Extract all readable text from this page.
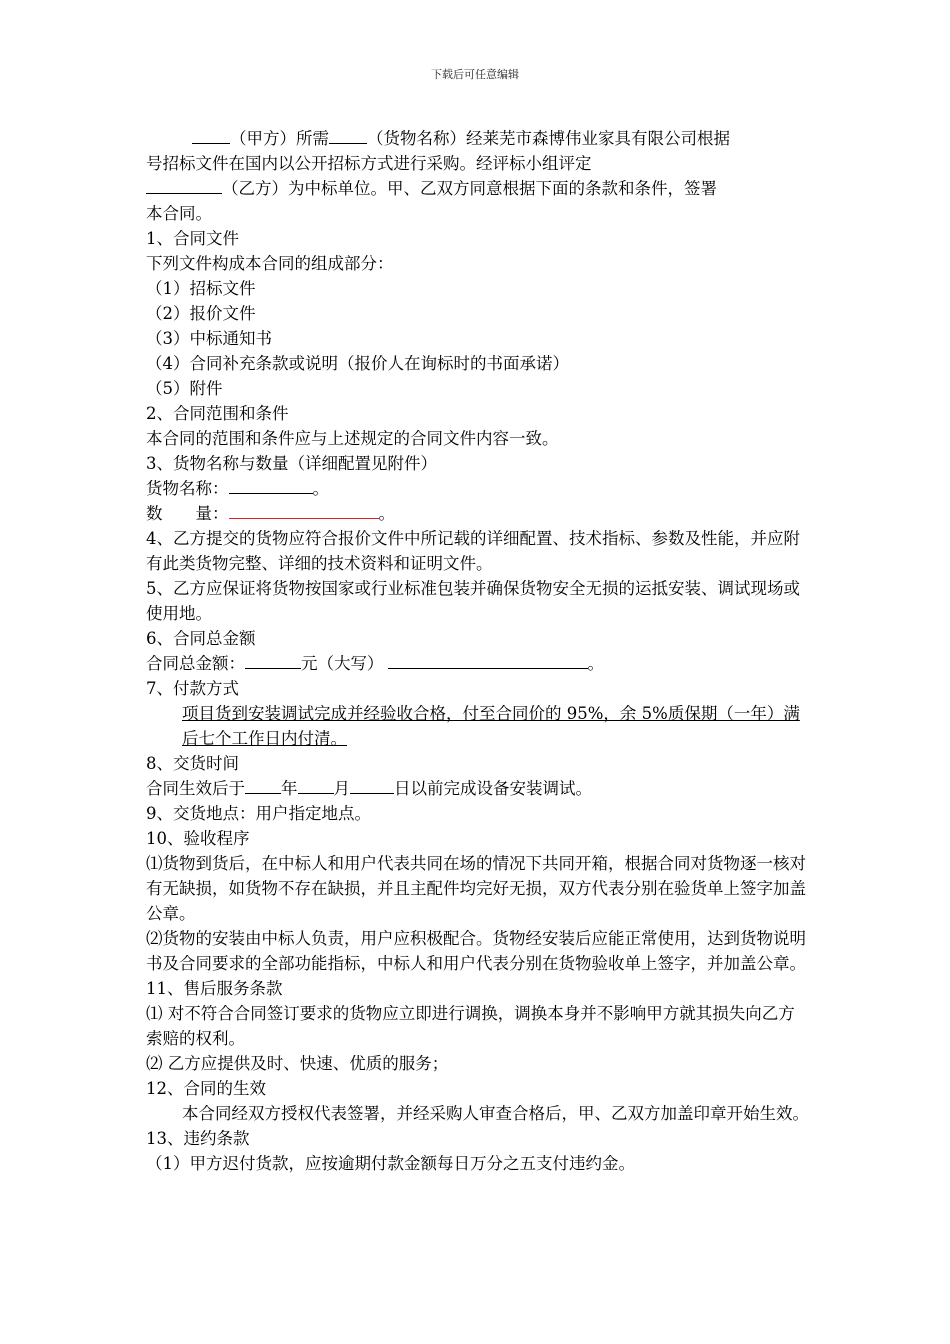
下载后可任意编辑
（甲方）所需 （货物名称）经莱芜市森博伟业家具有限公司根据
号招标文件在国内以公开招标方式进行采购。经评标小组评定
（乙方）为中标单位。甲、乙双方同意根据下面的条款和条件，签署
本合同。
1、合同文件
下列文件构成本合同的组成部分：
（1）招标文件
（2）报价文件
（3）中标通知书
（4）合同补充条款或说明（报价人在询标时的书面承诺）
（5）附件
2、合同范围和条件
本合同的范围和条件应与上述规定的合同文件内容一致。
3、货物名称与数量（详细配置见附件）
货物名称：	。
数　　量：	。
4、乙方提交的货物应符合报价文件中所记载的详细配置、技术指标、参数及性能，并应附有此类货物完整、详细的技术资料和证明文件。
5、乙方应保证将货物按国家或行业标准包装并确保货物安全无损的运抵安装、调试现场或使用地。
6、合同总金额
合同总金额：	元（大写）	。
7、付款方式
项目货到安装调试完成并经验收合格，付至合同价的 95%，余 5%质保期（一年）满后七个工作日内付清。
8、交货时间
合同生效后于 年 月	日以前完成设备安装调试。
9、交货地点：用户指定地点。
10、验收程序
⑴货物到货后，在中标人和用户代表共同在场的情况下共同开箱，根据合同对货物逐一核对有无缺损，如货物不存在缺损，并且主配件均完好无损，双方代表分别在验货单上签字加盖公章。
⑵货物的安装由中标人负责，用户应积极配合。货物经安装后应能正常使用，达到货物说明书及合同要求的全部功能指标，中标人和用户代表分别在货物验收单上签字，并加盖公章。
11、售后服务条款
⑴ 对不符合合同签订要求的货物应立即进行调换，调换本身并不影响甲方就其损失向乙方索赔的权利。
⑵ 乙方应提供及时、快速、优质的服务；
12、合同的生效
本合同经双方授权代表签署，并经采购人审查合格后，甲、乙双方加盖印章开始生效。
13、违约条款
（1）甲方迟付货款，应按逾期付款金额每日万分之五支付违约金。
